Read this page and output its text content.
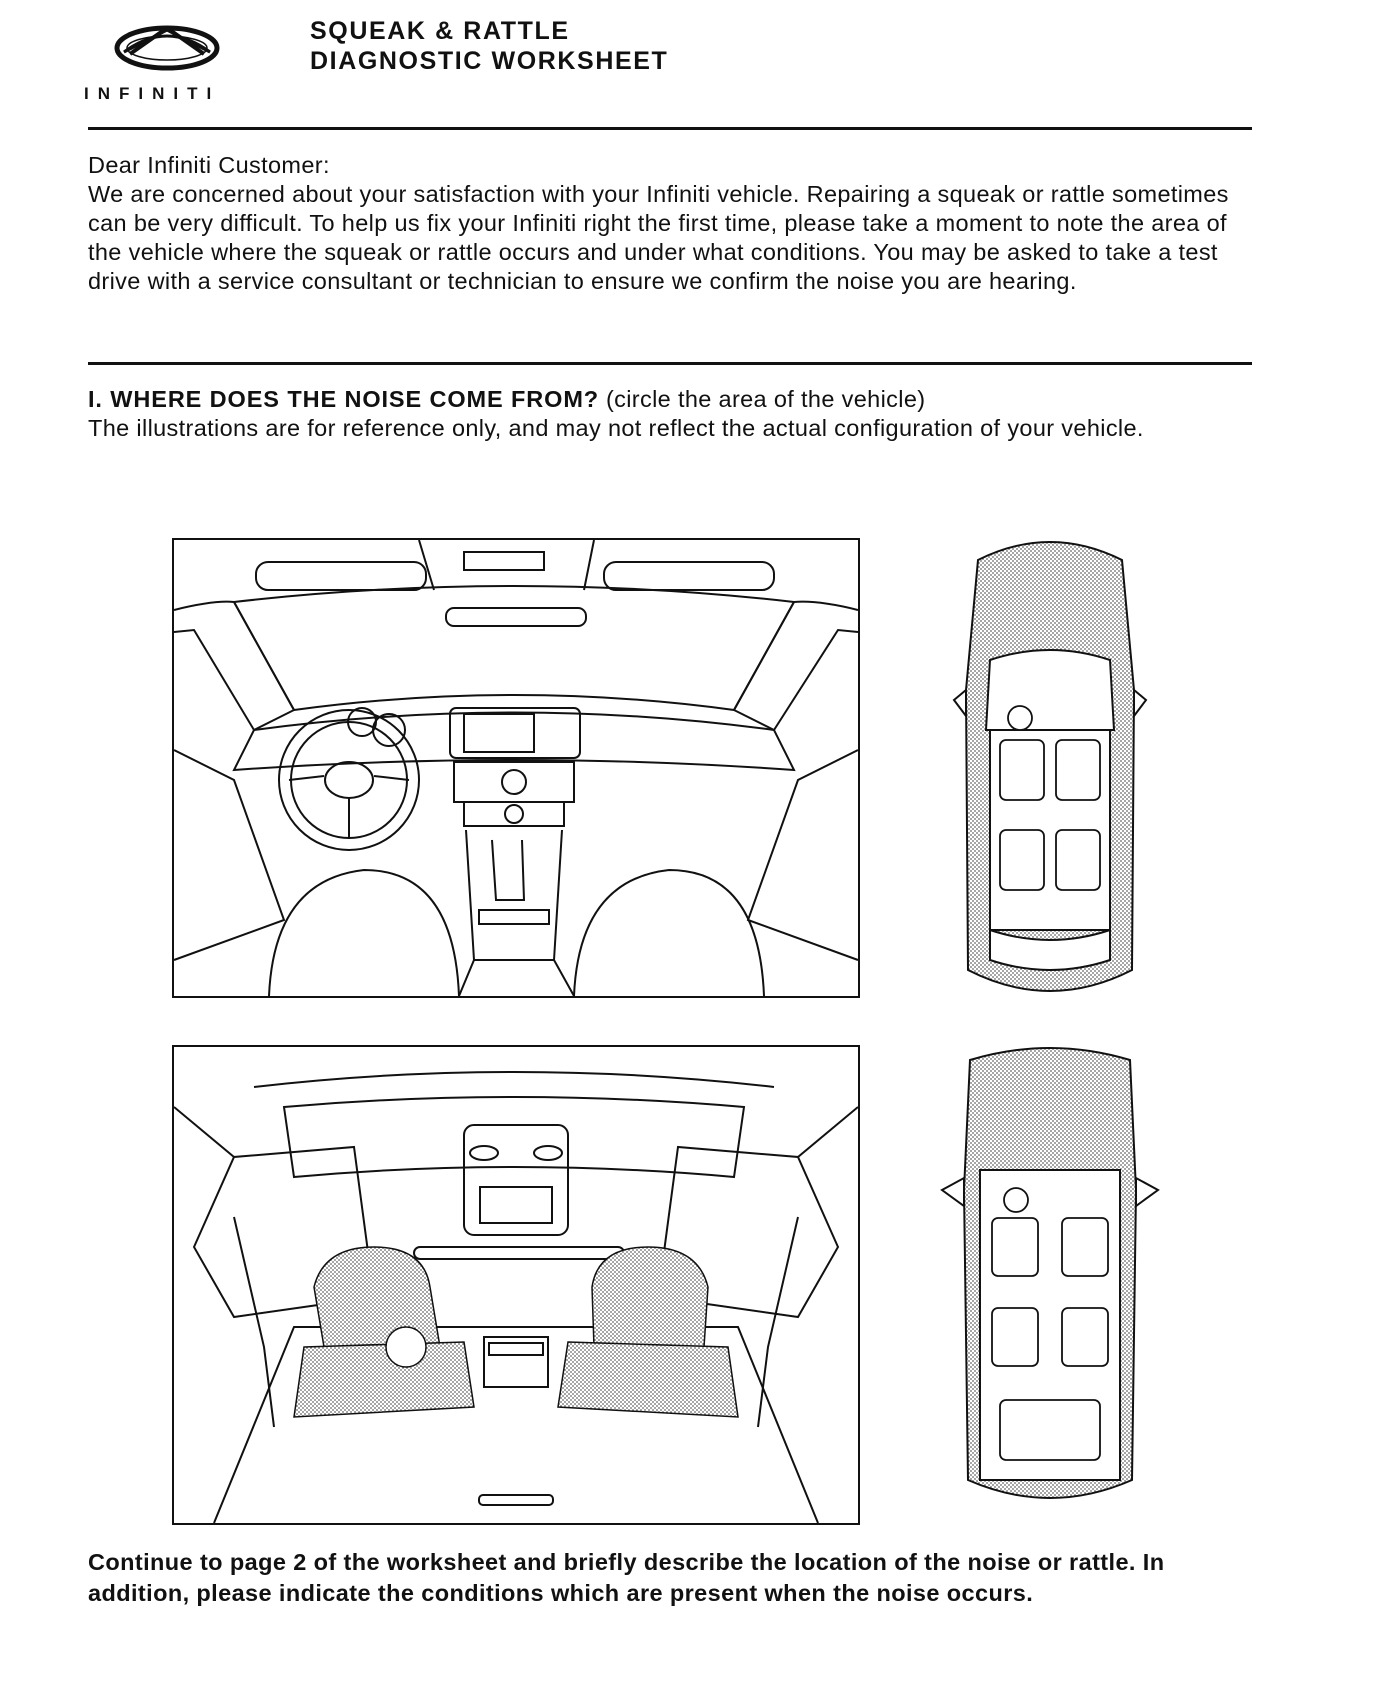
INFINITI
SQUEAK & RATTLE
DIAGNOSTIC WORKSHEET

Dear Infiniti Customer:

We are concerned about your satisfaction with your Infiniti vehicle. Repairing a squeak or rattle sometimes can be very difficult. To help us fix your Infiniti right the first time, please take a moment to note the area of the vehicle where the squeak or rattle occurs and under what conditions. You may be asked to take a test drive with a service consultant or technician to ensure we confirm the noise you are hearing.

I. WHERE DOES THE NOISE COME FROM? (circle the area of the vehicle)

The illustrations are for reference only, and may not reflect the actual configuration of your vehicle.

Continue to page 2 of the worksheet and briefly describe the location of the noise or rattle. In addition, please indicate the conditions which are present when the noise occurs.
